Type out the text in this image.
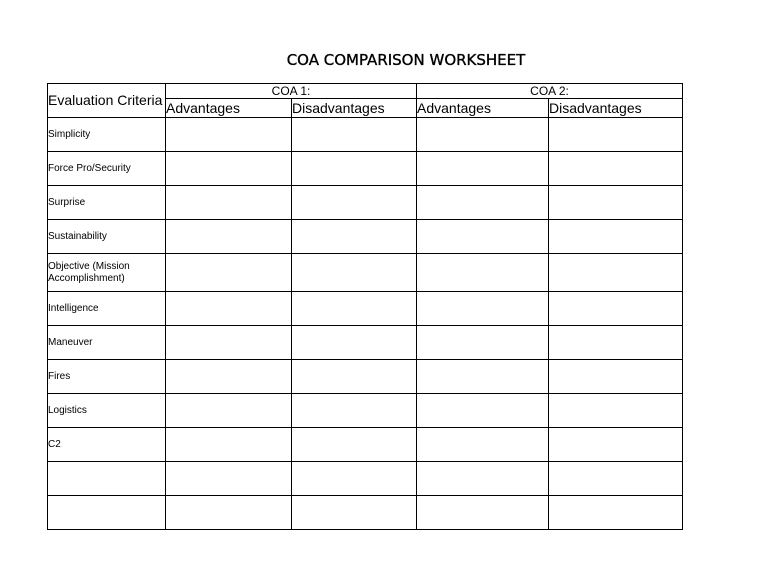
COA COMPARISON WORKSHEET
Evaluation Criteria	COA 1:		COA 2:	
	Advantages	Disadvantages	Advantages	Disadvantages
Simplicity				
Force Pro/Security				
Surprise				
Sustainability				
Objective (Mission Accomplishment)				
Intelligence				
Maneuver				
Fires				
Logistics				
C2				
